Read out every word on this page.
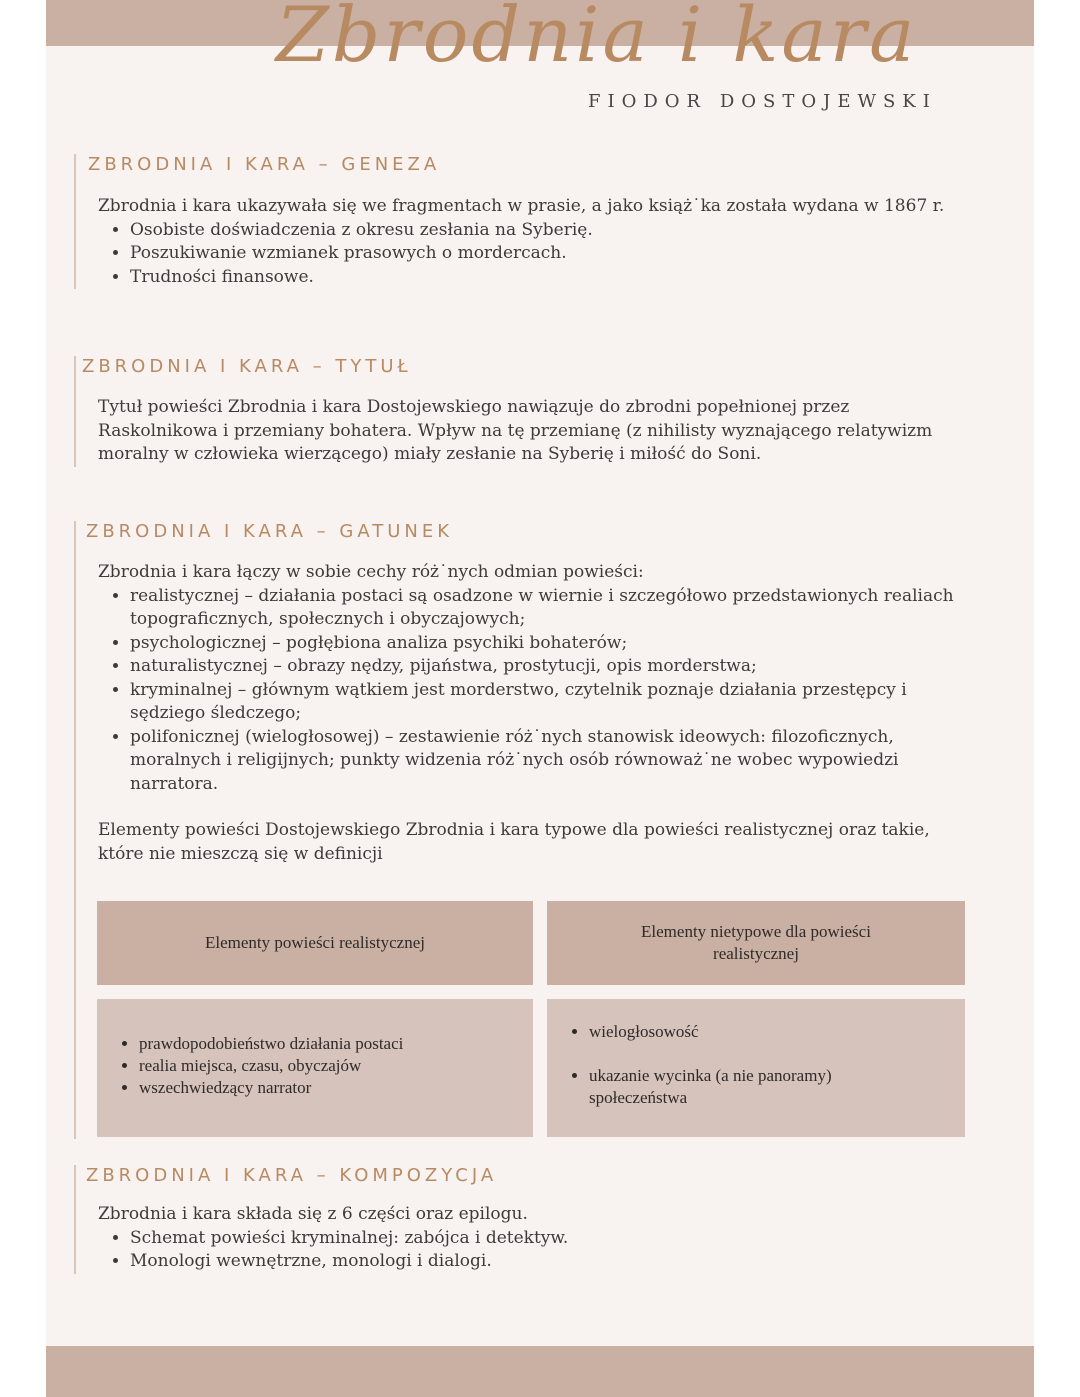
Zbrodnia i kara
FIODOR DOSTOJEWSKI
ZBRODNIA I KARA – GENEZA

Zbrodnia i kara ukazywała się we fragmentach w prasie, a jako książ˙ka została wydana w 1867 r.

• Osobiste doświadczenia z okresu zesłania na Syberię.
• Poszukiwanie wzmianek prasowych o mordercach.
• Trudności finansowe.
ZBRODNIA I KARA – TYTUŁ

Tytuł powieści Zbrodnia i kara Dostojewskiego nawiązuje do zbrodni popełnionej przez Raskolnikowa i przemiany bohatera. Wpływ na tę przemianę (z nihilisty wyznającego relatywizm moralny w człowieka wierzącego) miały zesłanie na Syberię i miłość do Soni.

ZBRODNIA I KARA – GATUNEK

Zbrodnia i kara łączy w sobie cechy róż˙nych odmian powieści:

• realistycznej – działania postaci są osadzone w wiernie i szczegółowo przedstawionych realiach topograficznych, społecznych i obyczajowych;
• psychologicznej – pogłębiona analiza psychiki bohaterów;
• naturalistycznej – obrazy nędzy, pijaństwa, prostytucji, opis morderstwa;
• kryminalnej – głównym wątkiem jest morderstwo, czytelnik poznaje działania przestępcy i sędziego śledczego;
• polifonicznej (wielogłosowej) – zestawienie róż˙nych stanowisk ideowych: filozoficznych, moralnych i religijnych; punkty widzenia róż˙nych osób równoważ˙ne wobec wypowiedzi narratora.

Elementy powieści Dostojewskiego Zbrodnia i kara typowe dla powieści realistycznej oraz takie, które nie mieszczą się w definicji

Elementy powieści realistycznej
Elementy nietypowe dla powieści realistycznej
• prawdopodobieństwo działania postaci
• realia miejsca, czasu, obyczajów
• wszechwiedzący narrator
• wielogłosowość
• ukazanie wycinka (a nie panoramy) społeczeństwa
ZBRODNIA I KARA – KOMPOZYCJA

Zbrodnia i kara składa się z 6 części oraz epilogu.

• Schemat powieści kryminalnej: zabójca i detektyw.
• Monologi wewnętrzne, monologi i dialogi.
